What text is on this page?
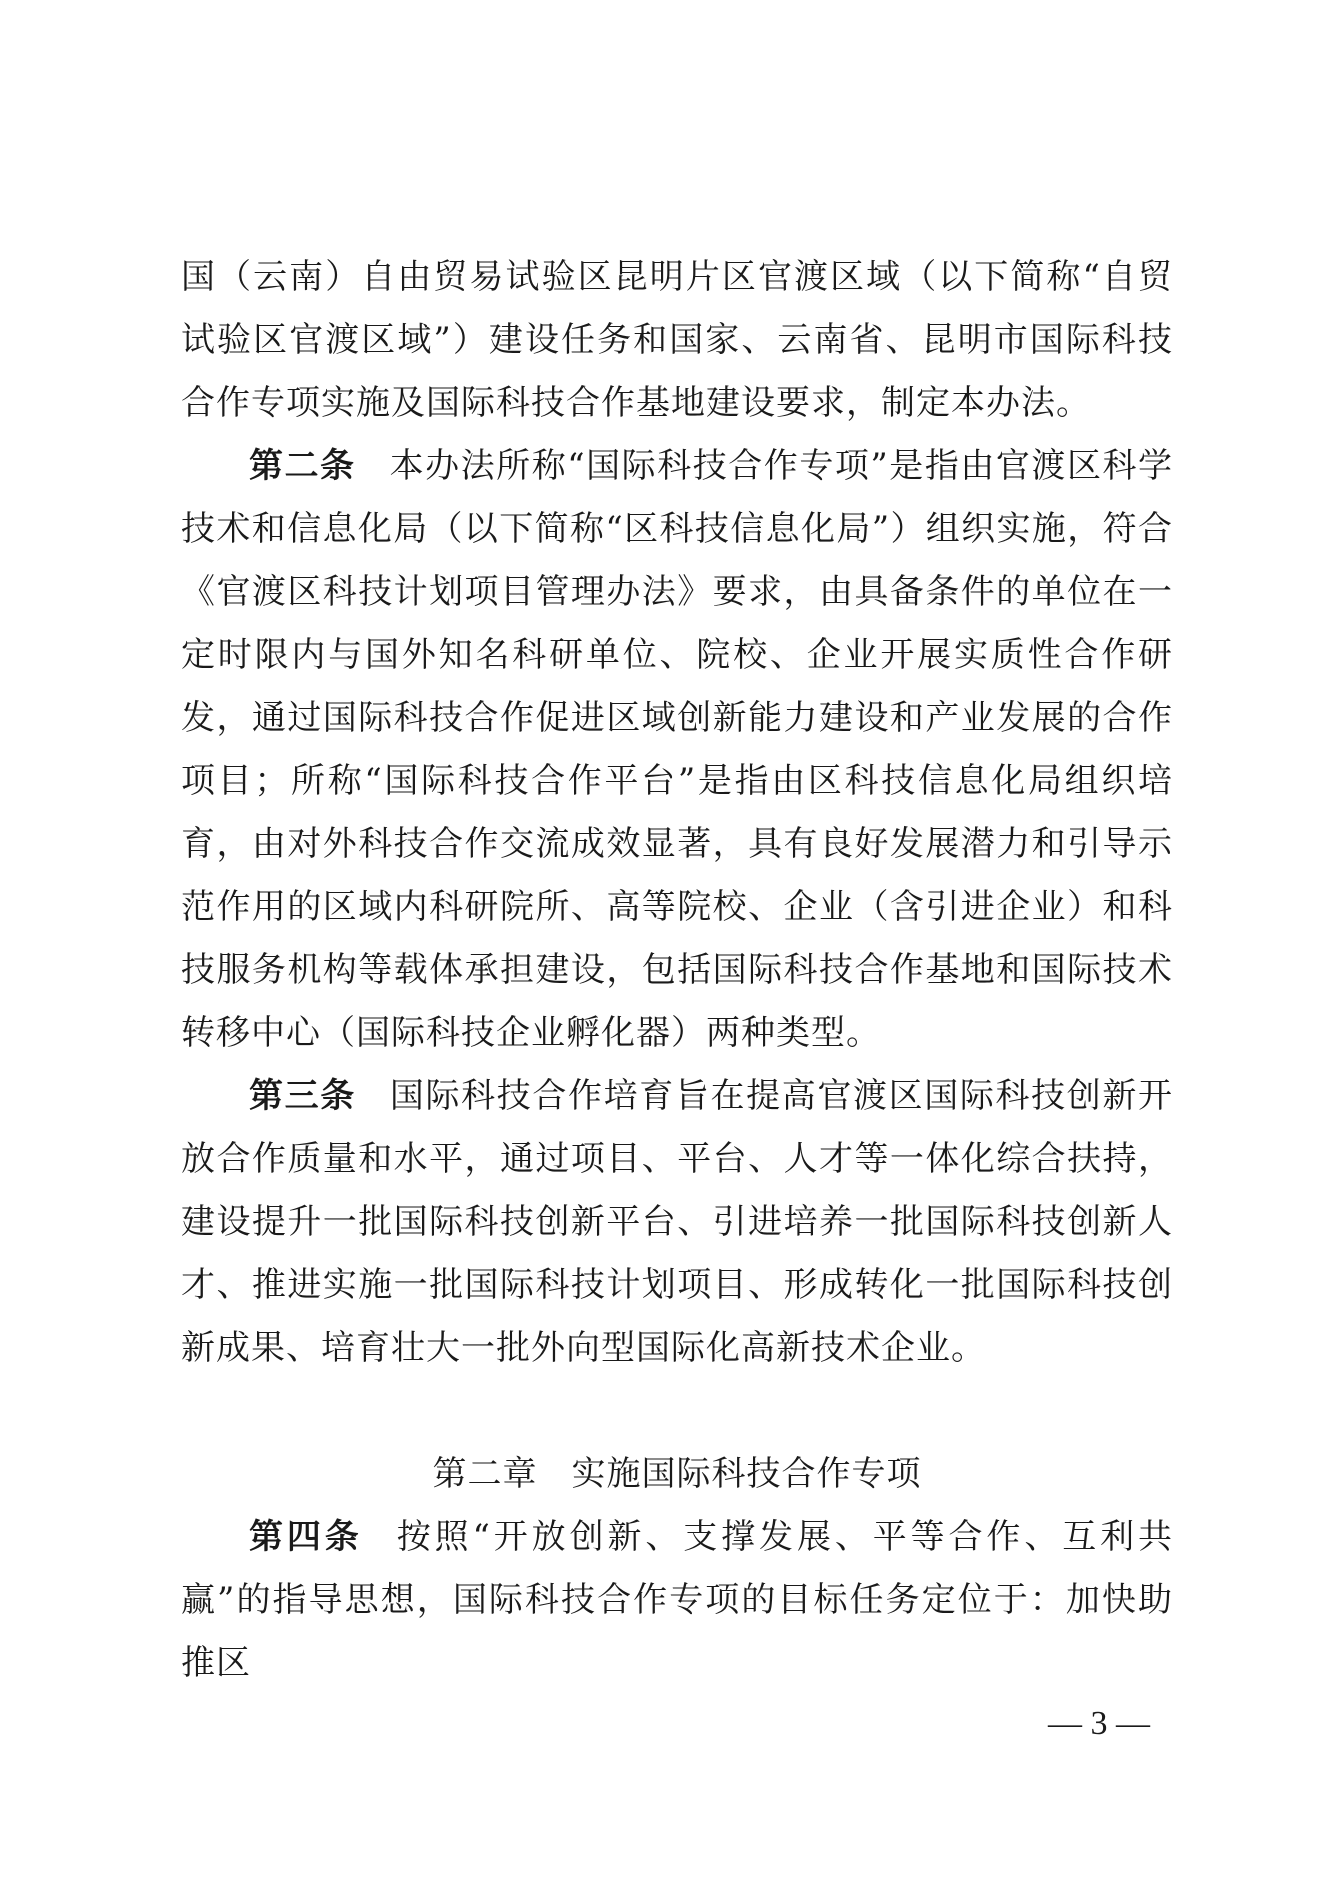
国（云南）自由贸易试验区昆明片区官渡区域（以下简称“自贸试验区官渡区域”）建设任务和国家、云南省、昆明市国际科技合作专项实施及国际科技合作基地建设要求，制定本办法。

第二条 本办法所称“国际科技合作专项”是指由官渡区科学技术和信息化局（以下简称“区科技信息化局”）组织实施，符合《官渡区科技计划项目管理办法》要求，由具备条件的单位在一定时限内与国外知名科研单位、院校、企业开展实质性合作研发，通过国际科技合作促进区域创新能力建设和产业发展的合作项目；所称“国际科技合作平台”是指由区科技信息化局组织培育，由对外科技合作交流成效显著，具有良好发展潜力和引导示范作用的区域内科研院所、高等院校、企业（含引进企业）和科技服务机构等载体承担建设，包括国际科技合作基地和国际技术转移中心（国际科技企业孵化器）两种类型。

第三条 国际科技合作培育旨在提高官渡区国际科技创新开放合作质量和水平，通过项目、平台、人才等一体化综合扶持，建设提升一批国际科技创新平台、引进培养一批国际科技创新人才、推进实施一批国际科技计划项目、形成转化一批国际科技创新成果、培育壮大一批外向型国际化高新技术企业。

第二章 实施国际科技合作专项

第四条 按照“开放创新、支撑发展、平等合作、互利共赢”的指导思想，国际科技合作专项的目标任务定位于：加快助推区

— 3 —
